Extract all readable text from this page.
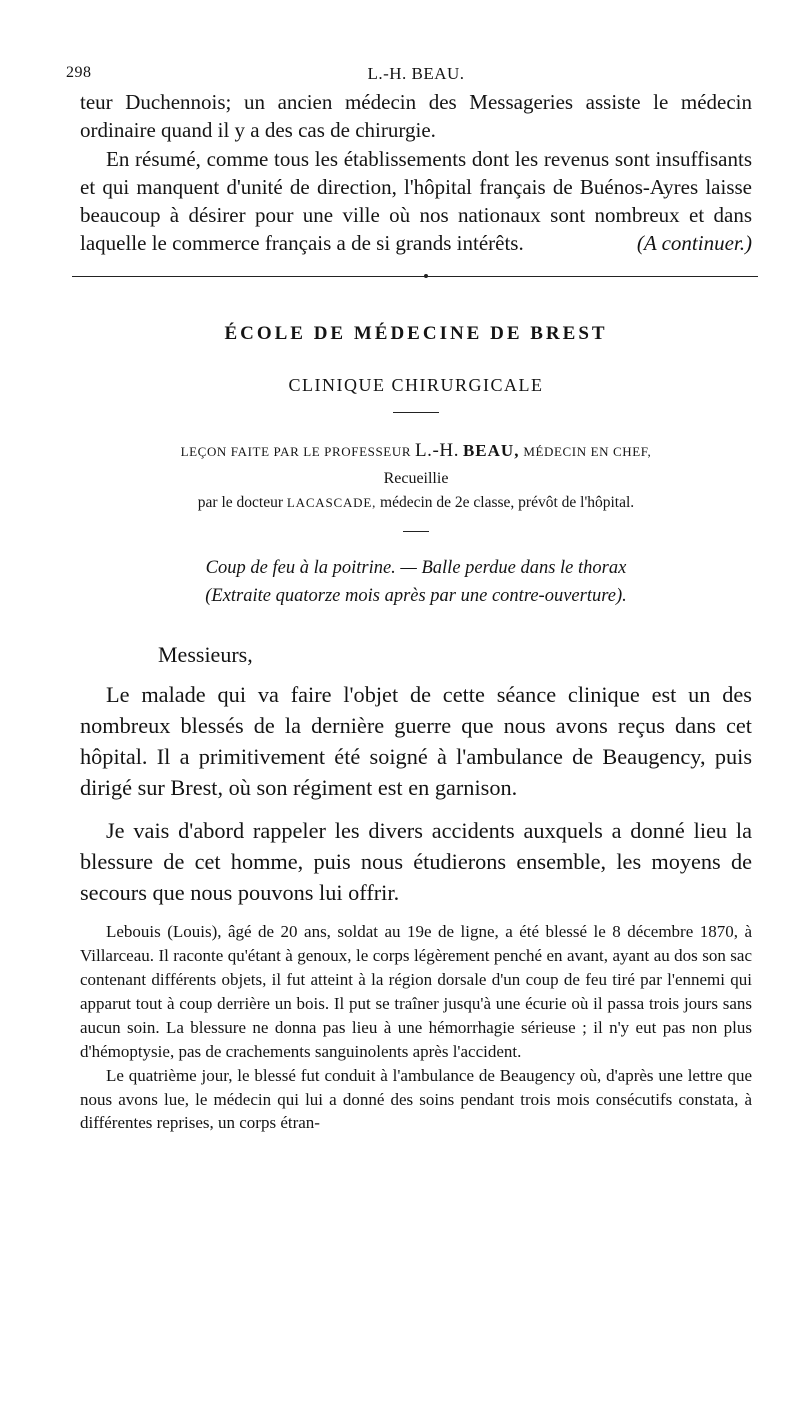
298	L.-H. BEAU.

teur Duchennois; un ancien médecin des Messageries assiste le médecin ordinaire quand il y a des cas de chirurgie.

En résumé, comme tous les établissements dont les revenus sont insuffisants et qui manquent d'unité de direction, l'hôpital français de Buénos-Ayres laisse beaucoup à désirer pour une ville où nos nationaux sont nombreux et dans laquelle le commerce français a de si grands intérêts.	(A continuer.)

ÉCOLE DE MÉDECINE DE BREST
CLINIQUE CHIRURGICALE
LEÇON FAITE PAR LE PROFESSEUR L.-H. BEAU, MÉDECIN EN CHEF,
Recueillie
par le docteur LACASCADE, médecin de 2e classe, prévôt de l'hôpital.
Coup de feu à la poitrine. — Balle perdue dans le thorax
(Extraite quatorze mois après par une contre-ouverture).
Messieurs,

Le malade qui va faire l'objet de cette séance clinique est un des nombreux blessés de la dernière guerre que nous avons reçus dans cet hôpital. Il a primitivement été soigné à l'ambulance de Beaugency, puis dirigé sur Brest, où son régiment est en garnison.

Je vais d'abord rappeler les divers accidents auxquels a donné lieu la blessure de cet homme, puis nous étudierons ensemble, les moyens de secours que nous pouvons lui offrir.

Lebouis (Louis), âgé de 20 ans, soldat au 19e de ligne, a été blessé le 8 décembre 1870, à Villarceau. Il raconte qu'étant à genoux, le corps légèrement penché en avant, ayant au dos son sac contenant différents objets, il fut atteint à la région dorsale d'un coup de feu tiré par l'ennemi qui apparut tout à coup derrière un bois. Il put se traîner jusqu'à une écurie où il passa trois jours sans aucun soin. La blessure ne donna pas lieu à une hémorrhagie sérieuse ; il n'y eut pas non plus d'hémoptysie, pas de crachements sanguinolents après l'accident.

Le quatrième jour, le blessé fut conduit à l'ambulance de Beaugency où, d'après une lettre que nous avons lue, le médecin qui lui a donné des soins pendant trois mois consécutifs constata, à différentes reprises, un corps étran-
